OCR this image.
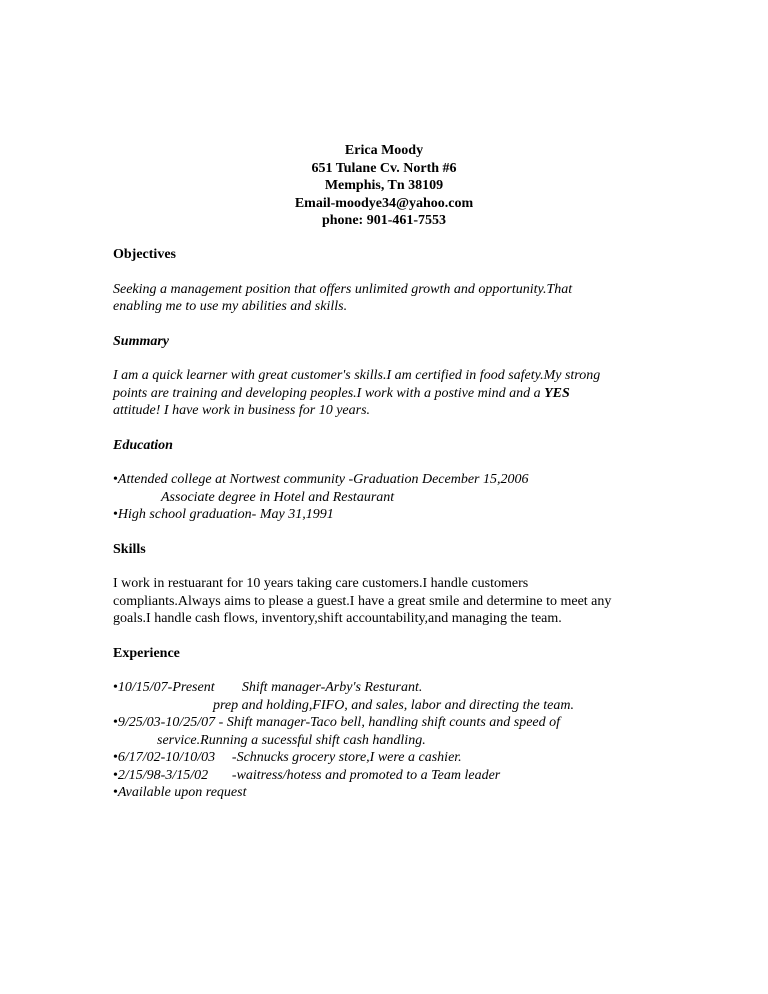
Erica Moody
651 Tulane Cv. North #6
Memphis, Tn 38109
Email-moodye34@yahoo.com
phone: 901-461-7553
Objectives
Seeking a management position that offers unlimited growth and opportunity.That
enabling me to use my abilities and skills.
Summary
I am a quick learner with great customer's skills.I am certified in food safety.My strong
points are training and developing peoples.I work with a postive mind and a YES
attitude! I have work in business for 10 years.
Education
•Attended college at Nortwest community -Graduation December 15,2006
Associate degree in Hotel and Restaurant
•High school graduation- May 31,1991
Skills
I work in restuarant for 10 years taking care customers.I handle customers
compliants.Always aims to please a guest.I have a great smile and determine to meet any
goals.I handle cash flows, inventory,shift accountability,and managing the team.
Experience
•10/15/07-Present Shift manager-Arby's Resturant.
prep and holding,FIFO, and sales, labor and directing the team.
•9/25/03-10/25/07 - Shift manager-Taco bell, handling shift counts and speed of
service.Running a sucessful shift cash handling.
•6/17/02-10/10/03 -Schnucks grocery store,I were a cashier.
•2/15/98-3/15/02 -waitress/hotess and promoted to a Team leader
•Available upon request
